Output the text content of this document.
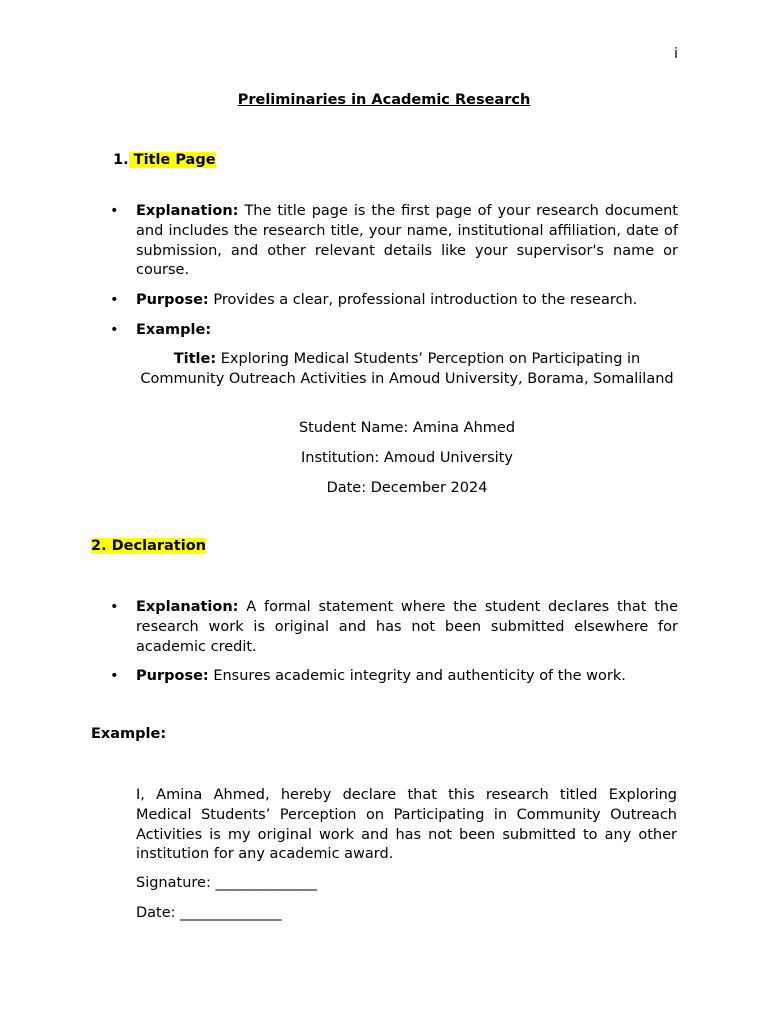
i
Preliminaries in Academic Research
1. Title Page
• Explanation: The title page is the first page of your research document and includes the research title, your name, institutional affiliation, date of submission, and other relevant details like your supervisor's name or course.
• Purpose: Provides a clear, professional introduction to the research.
• Example:
Title: Exploring Medical Students’ Perception on Participating in Community Outreach Activities in Amoud University, Borama, Somaliland
Student Name: Amina Ahmed
Institution: Amoud University
Date: December 2024
2. Declaration
• Explanation: A formal statement where the student declares that the research work is original and has not been submitted elsewhere for academic credit.
• Purpose: Ensures academic integrity and authenticity of the work.
Example:
I, Amina Ahmed, hereby declare that this research titled Exploring Medical Students’ Perception on Participating in Community Outreach Activities is my original work and has not been submitted to any other institution for any academic award.
Signature: ______________
Date: ______________
